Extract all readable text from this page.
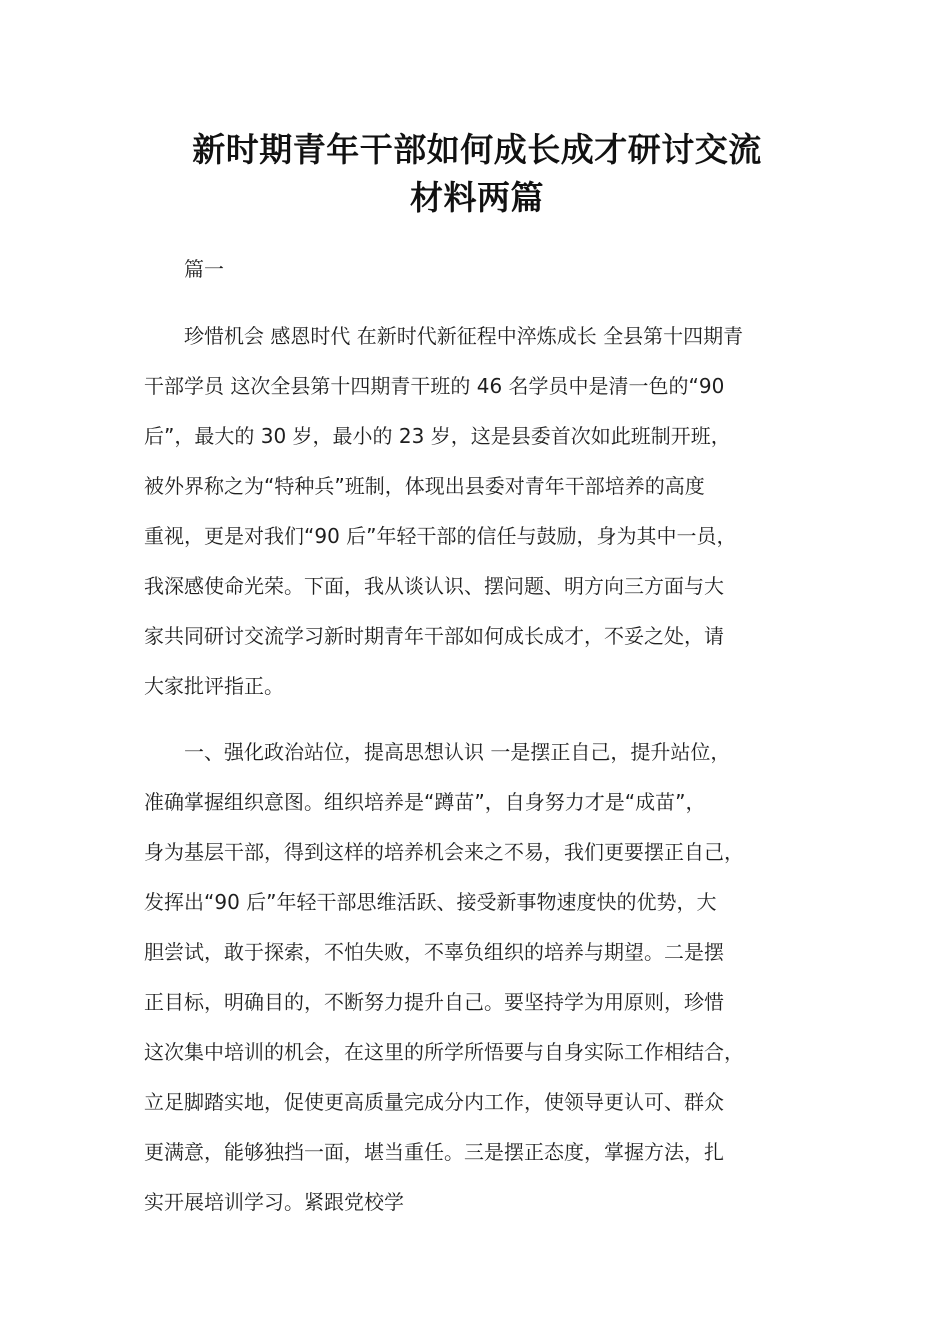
新时期青年干部如何成长成才研讨交流
材料两篇
篇一
珍惜机会 感恩时代 在新时代新征程中淬炼成长 全县第十四期青
干部学员 这次全县第十四期青干班的 46 名学员中是清一色的“90
后”，最大的 30 岁，最小的 23 岁，这是县委首次如此班制开班，
被外界称之为“特种兵”班制，体现出县委对青年干部培养的高度
重视，更是对我们“90 后”年轻干部的信任与鼓励，身为其中一员，
我深感使命光荣。下面，我从谈认识、摆问题、明方向三方面与大
家共同研讨交流学习新时期青年干部如何成长成才，不妥之处，请
大家批评指正。
一、强化政治站位，提高思想认识 一是摆正自己，提升站位，
准确掌握组织意图。组织培养是“蹲苗”，自身努力才是“成苗”，
身为基层干部，得到这样的培养机会来之不易，我们更要摆正自己，
发挥出“90 后”年轻干部思维活跃、接受新事物速度快的优势，大
胆尝试，敢于探索，不怕失败，不辜负组织的培养与期望。二是摆
正目标，明确目的，不断努力提升自己。要坚持学为用原则，珍惜
这次集中培训的机会，在这里的所学所悟要与自身实际工作相结合，
立足脚踏实地，促使更高质量完成分内工作，使领导更认可、群众
更满意，能够独挡一面，堪当重任。三是摆正态度，掌握方法，扎
实开展培训学习。紧跟党校学
